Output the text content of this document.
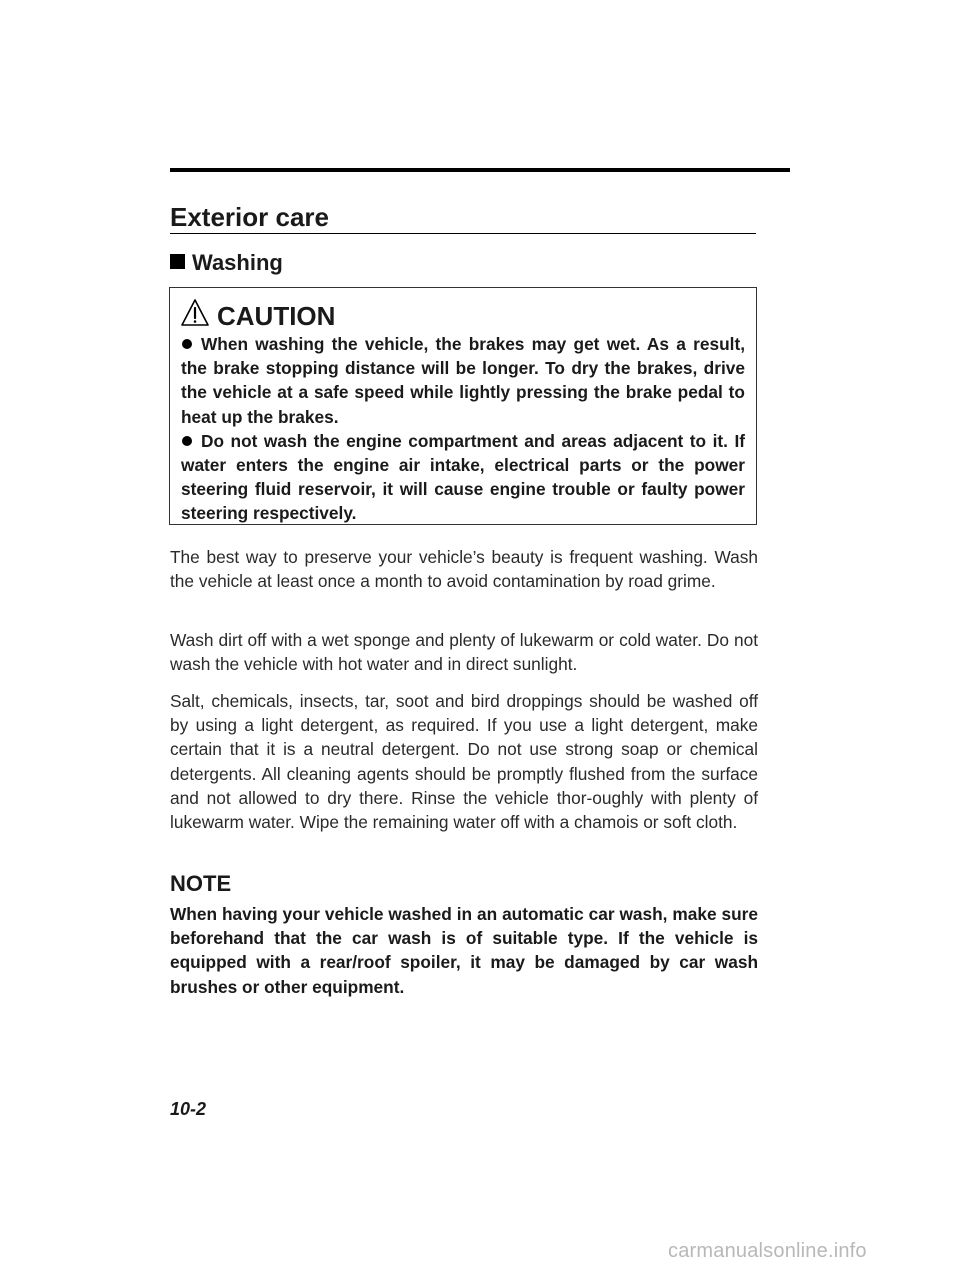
Exterior care
Washing
CAUTION

When washing the vehicle, the brakes may get wet. As a result, the brake stopping distance will be longer. To dry the brakes, drive the vehicle at a safe speed while lightly pressing the brake pedal to heat up the brakes.

Do not wash the engine compartment and areas adjacent to it. If water enters the engine air intake, electrical parts or the power steering fluid reservoir, it will cause engine trouble or faulty power steering respectively.

The best way to preserve your vehicle’s beauty is frequent washing. Wash the vehicle at least once a month to avoid contamination by road grime.

Wash dirt off with a wet sponge and plenty of lukewarm or cold water. Do not wash the vehicle with hot water and in direct sunlight.

Salt, chemicals, insects, tar, soot and bird droppings should be washed off by using a light detergent, as required. If you use a light detergent, make certain that it is a neutral detergent. Do not use strong soap or chemical detergents. All cleaning agents should be promptly flushed from the surface and not allowed to dry there. Rinse the vehicle thor-oughly with plenty of lukewarm water. Wipe the remaining water off with a chamois or soft cloth.

NOTE

When having your vehicle washed in an automatic car wash, make sure beforehand that the car wash is of suitable type. If the vehicle is equipped with a rear/roof spoiler, it may be damaged by car wash brushes or other equipment.

10-2
carmanualsonline.info
